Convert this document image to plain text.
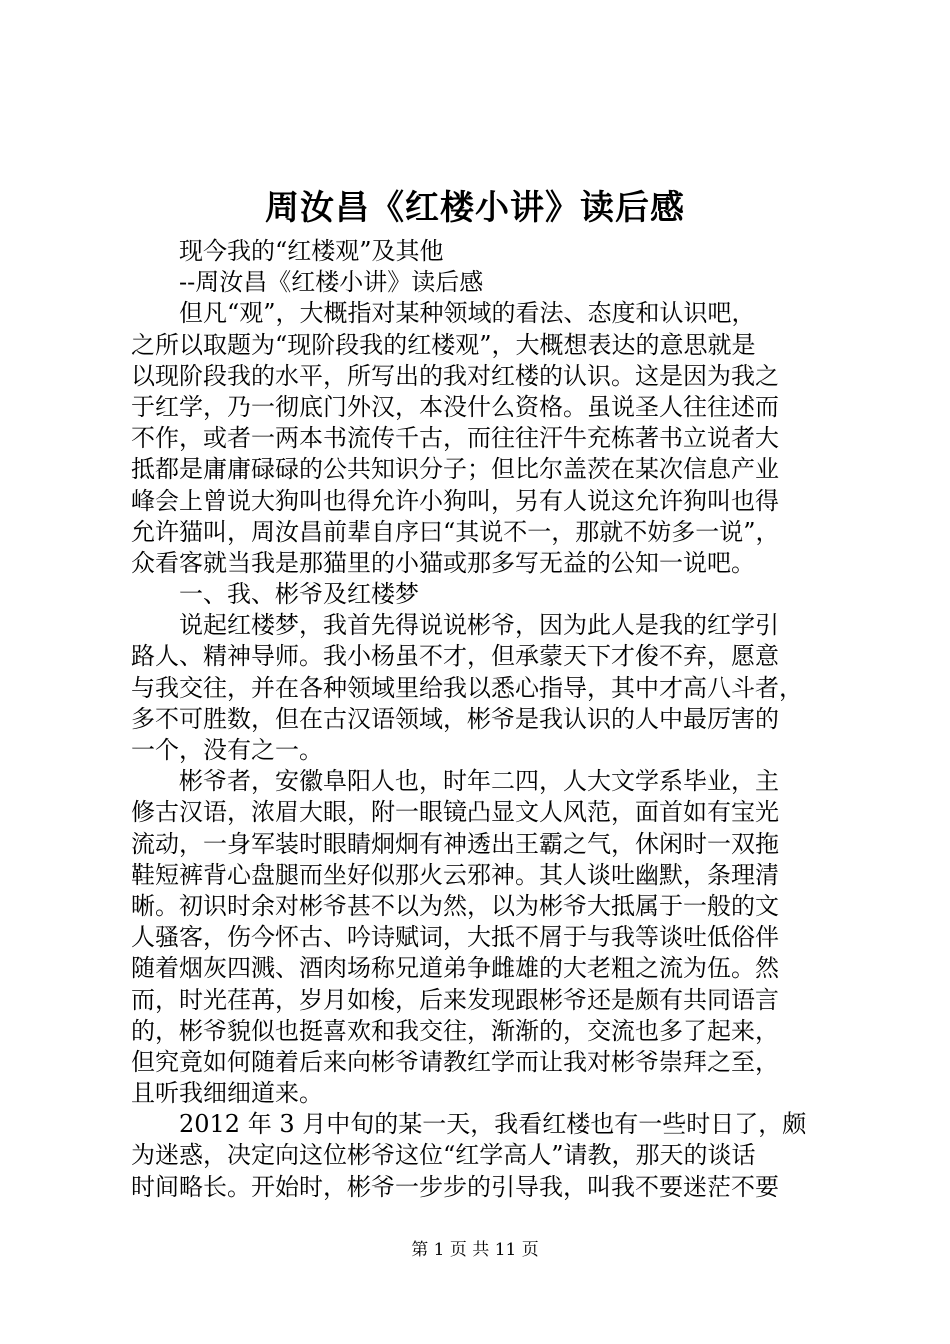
周汝昌《红楼小讲》读后感
现今我的“红楼观”及其他
--周汝昌《红楼小讲》读后感
但凡“观”，大概指对某种领域的看法、态度和认识吧，
之所以取题为“现阶段我的红楼观”，大概想表达的意思就是
以现阶段我的水平，所写出的我对红楼的认识。这是因为我之
于红学，乃一彻底门外汉，本没什么资格。虽说圣人往往述而
不作，或者一两本书流传千古，而往往汗牛充栋著书立说者大
抵都是庸庸碌碌的公共知识分子；但比尔盖茨在某次信息产业
峰会上曾说大狗叫也得允许小狗叫，另有人说这允许狗叫也得
允许猫叫，周汝昌前辈自序曰“其说不一，那就不妨多一说”，
众看客就当我是那猫里的小猫或那多写无益的公知一说吧。
一、我、彬爷及红楼梦
说起红楼梦，我首先得说说彬爷，因为此人是我的红学引
路人、精神导师。我小杨虽不才，但承蒙天下才俊不弃，愿意
与我交往，并在各种领域里给我以悉心指导，其中才高八斗者，
多不可胜数，但在古汉语领域，彬爷是我认识的人中最厉害的
一个，没有之一。
彬爷者，安徽阜阳人也，时年二四，人大文学系毕业，主
修古汉语，浓眉大眼，附一眼镜凸显文人风范，面首如有宝光
流动，一身军装时眼睛炯炯有神透出王霸之气，休闲时一双拖
鞋短裤背心盘腿而坐好似那火云邪神。其人谈吐幽默，条理清
晰。初识时余对彬爷甚不以为然，以为彬爷大抵属于一般的文
人骚客，伤今怀古、吟诗赋词，大抵不屑于与我等谈吐低俗伴
随着烟灰四溅、酒肉场称兄道弟争雌雄的大老粗之流为伍。然
而，时光荏苒，岁月如梭，后来发现跟彬爷还是颇有共同语言
的，彬爷貌似也挺喜欢和我交往，渐渐的，交流也多了起来，
但究竟如何随着后来向彬爷请教红学而让我对彬爷崇拜之至，
且听我细细道来。
2012 年 3 月中旬的某一天，我看红楼也有一些时日了，颇
为迷惑，决定向这位彬爷这位“红学高人”请教，那天的谈话
时间略长。开始时，彬爷一步步的引导我，叫我不要迷茫不要
第 1 页 共 11 页
